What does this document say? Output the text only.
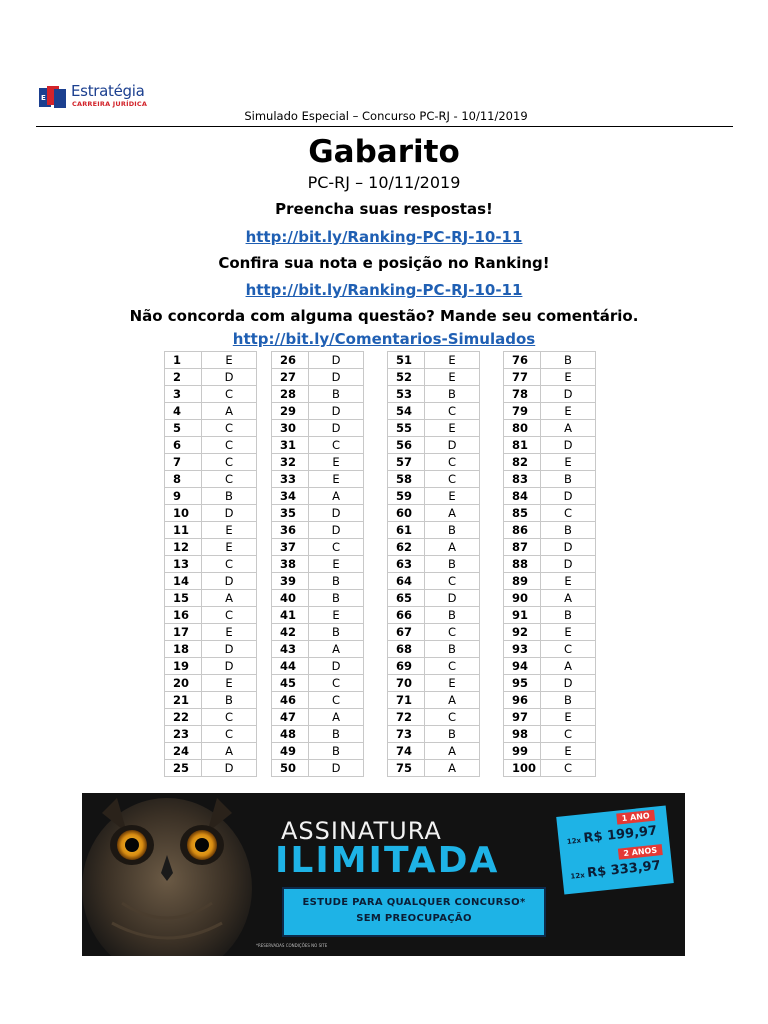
E Estratégia
CARREIRA JURÍDICA
Simulado Especial – Concurso PC-RJ - 10/11/2019
Gabarito
PC-RJ – 10/11/2019
Preencha suas respostas!
http://bit.ly/Ranking-PC-RJ-10-11
Confira sua nota e posição no Ranking!
http://bit.ly/Ranking-PC-RJ-10-11
Não concorda com alguma questão? Mande seu comentário.
http://bit.ly/Comentarios-Simulados
1	E
2	D
3	C
4	A
5	C
6	C
7	C
8	C
9	B
10	D
11	E
12	E
13	C
14	D
15	A
16	C
17	E
18	D
19	D
20	E
21	B
22	C
23	C
24	A
25	D
26	D
27	D
28	B
29	D
30	D
31	C
32	E
33	E
34	A
35	D
36	D
37	C
38	E
39	B
40	B
41	E
42	B
43	A
44	D
45	C
46	C
47	A
48	B
49	B
50	D
51	E
52	E
53	B
54	C
55	E
56	D
57	C
58	C
59	E
60	A
61	B
62	A
63	B
64	C
65	D
66	B
67	C
68	B
69	C
70	E
71	A
72	C
73	B
74	A
75	A
76	B
77	E
78	D
79	E
80	A
81	D
82	E
83	B
84	D
85	C
86	B
87	D
88	D
89	E
90	A
91	B
92	E
93	C
94	A
95	D
96	B
97	E
98	C
99	E
100	C
ASSINATURA
ILIMITADA
ESTUDE PARA QUALQUER CONCURSO*
SEM PREOCUPAÇÃO
*RESERVADAS CONDIÇÕES NO SITE
1 ANO
12x R$ 199,97
2 ANOS
12x R$ 333,97
